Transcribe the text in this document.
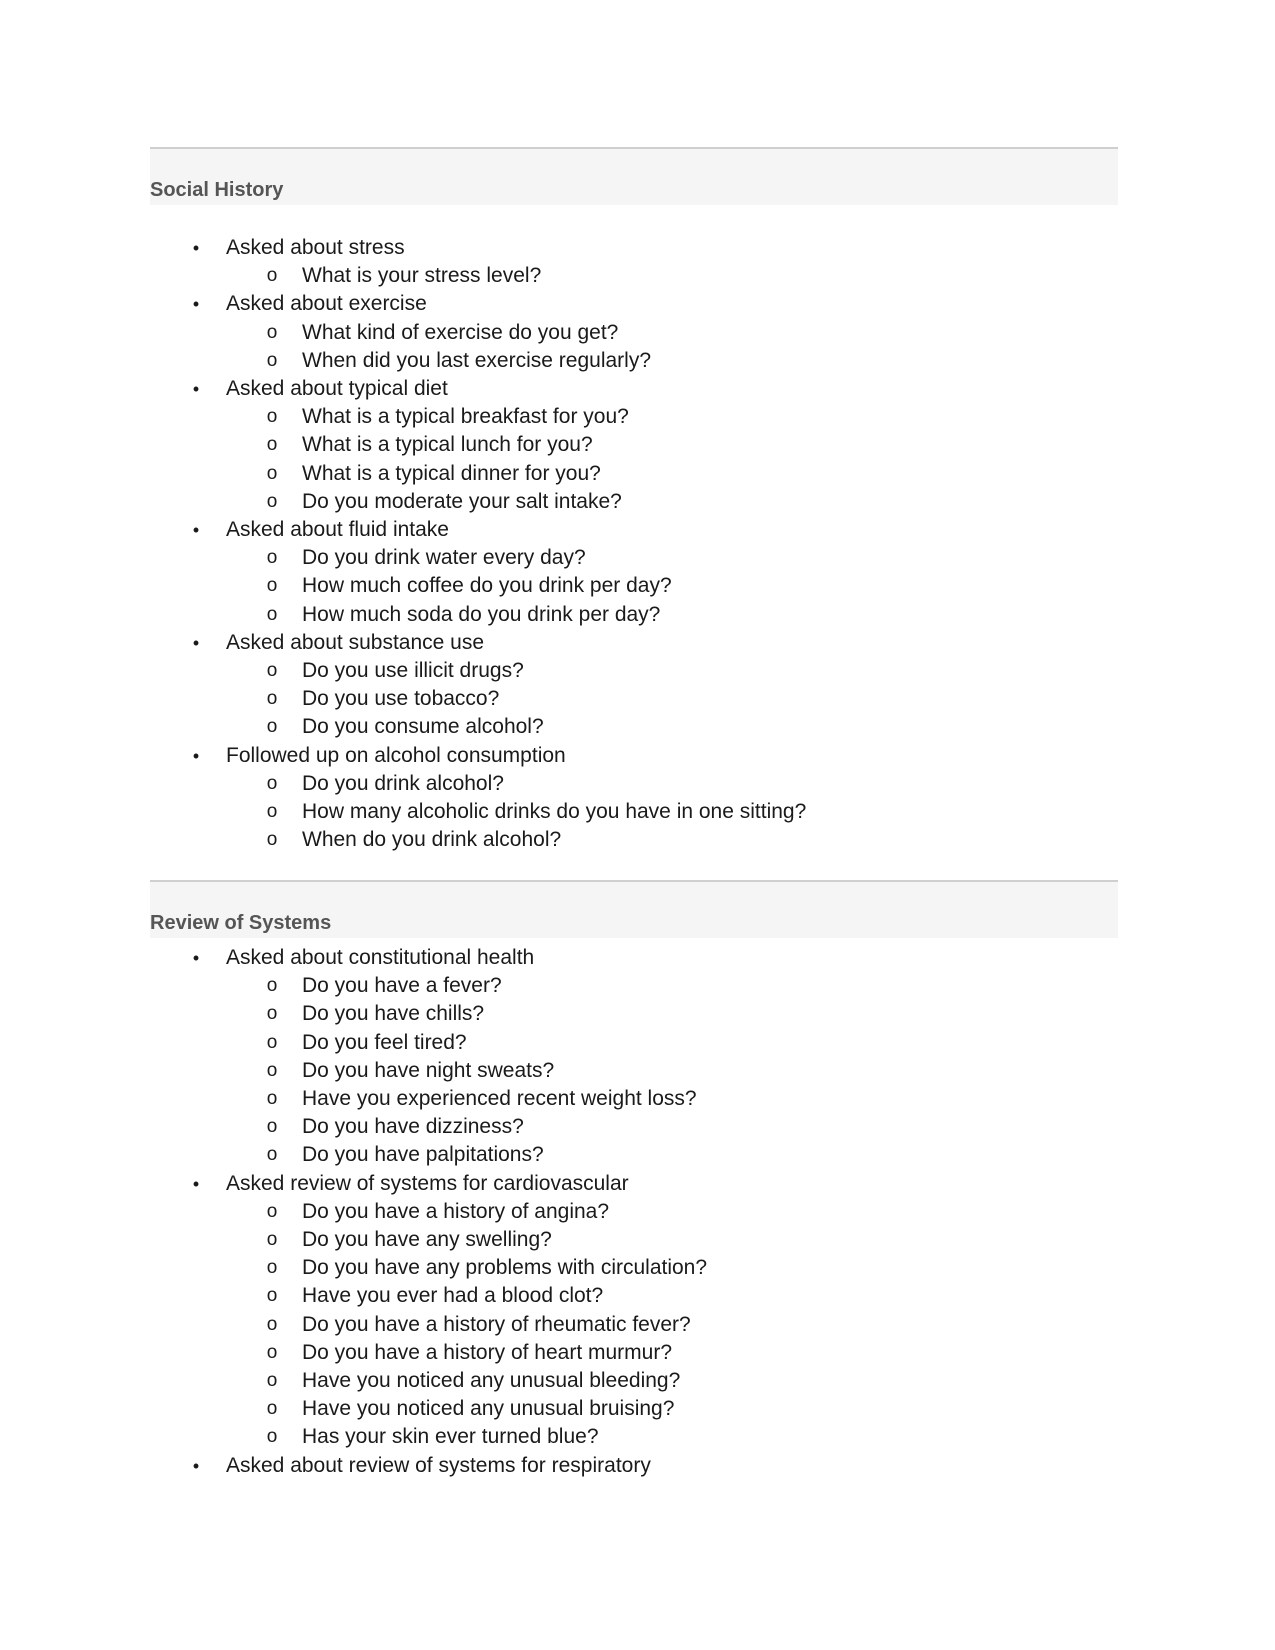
Social History
•	Asked about stress
o What is your stress level?
•	Asked about exercise
o What kind of exercise do you get?
o When did you last exercise regularly?
•	Asked about typical diet
o What is a typical breakfast for you?
o What is a typical lunch for you?
o What is a typical dinner for you?
o Do you moderate your salt intake?
•	Asked about fluid intake
o Do you drink water every day?
o How much coffee do you drink per day?
o How much soda do you drink per day?
•	Asked about substance use
o Do you use illicit drugs?
o Do you use tobacco?
o Do you consume alcohol?
•	Followed up on alcohol consumption
o Do you drink alcohol?
o How many alcoholic drinks do you have in one sitting?
o When do you drink alcohol?
Review of Systems
•	Asked about constitutional health
o Do you have a fever?
o Do you have chills?
o Do you feel tired?
o Do you have night sweats?
o Have you experienced recent weight loss?
o Do you have dizziness?
o Do you have palpitations?
•	Asked review of systems for cardiovascular
o Do you have a history of angina?
o Do you have any swelling?
o Do you have any problems with circulation?
o Have you ever had a blood clot?
o Do you have a history of rheumatic fever?
o Do you have a history of heart murmur?
o Have you noticed any unusual bleeding?
o Have you noticed any unusual bruising?
o Has your skin ever turned blue?
•	Asked about review of systems for respiratory
